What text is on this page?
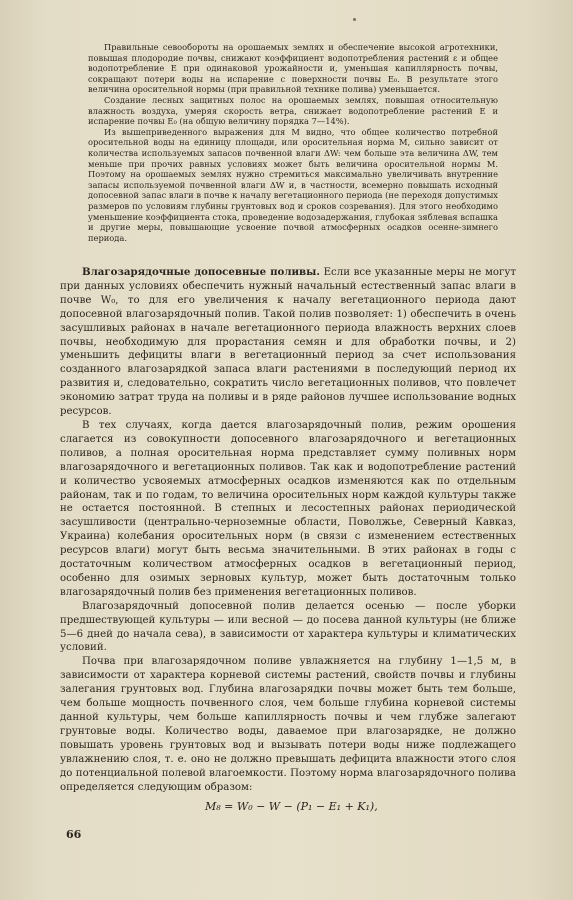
Правильные севообороты на орошаемых землях и обеспечение высокой агротехники, повышая плодородие почвы, снижают коэффициент водопотребления растений ε и общее водопотребление E при одинаковой урожайности и, уменьшая капиллярность почвы, сокращают потери воды на испарение с поверхности почвы E₀. В результате этого величина оросительной нормы (при правильной технике полива) уменьшается.

Создание лесных защитных полос на орошаемых землях, повышая относительную влажность воздуха, умеряя скорость ветра, снижает водопотребление растений E и испарение почвы E₀ (на общую величину порядка 7—14%).

Из вышеприведенного выражения для M видно, что общее количество потребной оросительной воды на единицу площади, или оросительная норма M, сильно зависит от количества используемых запасов почвенной влаги ΔW: чем больше эта величина ΔW, тем меньше при прочих равных условиях может быть величина оросительной нормы M. Поэтому на орошаемых землях нужно стремиться максимально увеличивать внутренние запасы используемой почвенной влаги ΔW и, в частности, всемерно повышать исходный допосевной запас влаги в почве к началу вегетационного периода (не переходя допустимых размеров по условиям глубины грунтовых вод и сроков созревания). Для этого необходимо уменьшение коэффициента стока, проведение водозадержания, глубокая зяблевая вспашка и другие меры, повышающие усвоение почвой атмосферных осадков осенне-зимнего периода.

Влагозарядочные допосевные поливы. Если все указанные меры не могут при данных условиях обеспечить нужный начальный естественный запас влаги в почве W₀, то для его увеличения к началу вегетационного периода дают допосевной влагозарядочный полив. Такой полив позволяет: 1) обеспечить в очень засушливых районах в начале вегетационного периода влажность верхних слоев почвы, необходимую для прорастания семян и для обработки почвы, и 2) уменьшить дефициты влаги в вегетационный период за счет использования созданного влагозарядкой запаса влаги растениями в последующий период их развития и, следовательно, сократить число вегетационных поливов, что повлечет экономию затрат труда на поливы и в ряде районов лучшее использование водных ресурсов.

В тех случаях, когда дается влагозарядочный полив, режим орошения слагается из совокупности допосевного влагозарядочного и вегетационных поливов, а полная оросительная норма представляет сумму поливных норм влагозарядочного и вегетационных поливов. Так как и водопотребление растений и количество усвояемых атмосферных осадков изменяются как по отдельным районам, так и по годам, то величина оросительных норм каждой культуры также не остается постоянной. В степных и лесостепных районах периодической засушливости (центрально-черноземные области, Поволжье, Северный Кавказ, Украина) колебания оросительных норм (в связи с изменением естественных ресурсов влаги) могут быть весьма значительными. В этих районах в годы с достаточным количеством атмосферных осадков в вегетационный период, особенно для озимых зерновых культур, может быть достаточным только влагозарядочный полив без применения вегетационных поливов.

Влагозарядочный допосевной полив делается осенью — после уборки предшествующей культуры — или весной — до посева данной культуры (не ближе 5—6 дней до начала сева), в зависимости от характера культуры и климатических условий.

Почва при влагозарядочном поливе увлажняется на глубину 1—1,5 м, в зависимости от характера корневой системы растений, свойств почвы и глубины залегания грунтовых вод. Глубина влагозарядки почвы может быть тем больше, чем больше мощность почвенного слоя, чем больше глубина корневой системы данной культуры, чем больше капиллярность почвы и чем глубже залегают грунтовые воды. Количество воды, даваемое при влагозарядке, не должно повышать уровень грунтовых вод и вызывать потери воды ниже подлежащего увлажнению слоя, т. е. оно не должно превышать дефицита влажности этого слоя до потенциальной полевой влагоемкости. Поэтому норма влагозарядочного полива определяется следующим образом:

M₈ = W₀ − W − (P₁ − E₁ + K₁),
66
